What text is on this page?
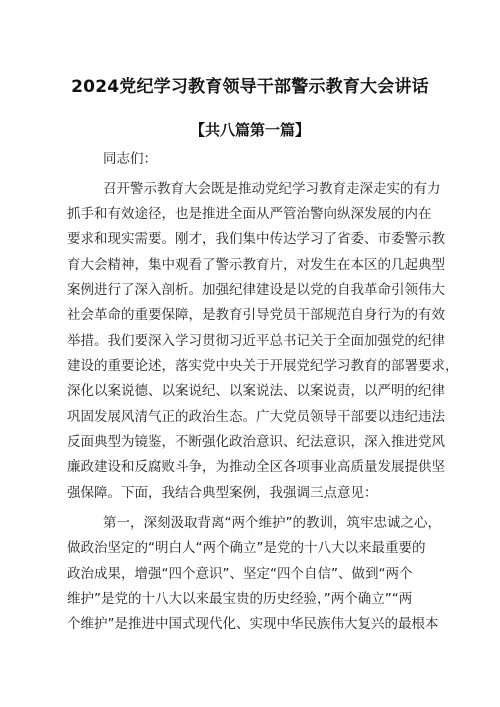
2024党纪学习教育领导干部警示教育大会讲话
【共八篇第一篇】
同志们：
召开警示教育大会既是推动党纪学习教育走深走实的有力
抓手和有效途径，也是推进全面从严管治警向纵深发展的内在
要求和现实需要。刚才，我们集中传达学习了省委、市委警示教
育大会精神，集中观看了警示教育片，对发生在本区的几起典型
案例进行了深入剖析。加强纪律建设是以党的自我革命引领伟大
社会革命的重要保障，是教育引导党员干部规范自身行为的有效
举措。我们要深入学习贯彻习近平总书记关于全面加强党的纪律
建设的重要论述，落实党中央关于开展党纪学习教育的部署要求，
深化以案说德、以案说纪、以案说法、以案说责，以严明的纪律
巩固发展风清气正的政治生态。广大党员领导干部要以违纪违法
反面典型为镜鉴，不断强化政治意识、纪法意识，深入推进党风
廉政建设和反腐败斗争，为推动全区各项事业高质量发展提供坚
强保障。下面，我结合典型案例，我强调三点意见：
第一，深刻汲取背离“两个维护”的教训，筑牢忠诚之心，
做政治坚定的“明白人“两个确立”是党的十八大以来最重要的
政治成果，增强“四个意识”、坚定“四个自信”、做到“两个
维护”是党的十八大以来最宝贵的历史经验，”两个确立”“两
个维护”是推进中国式现代化、实现中华民族伟大复兴的最根本
